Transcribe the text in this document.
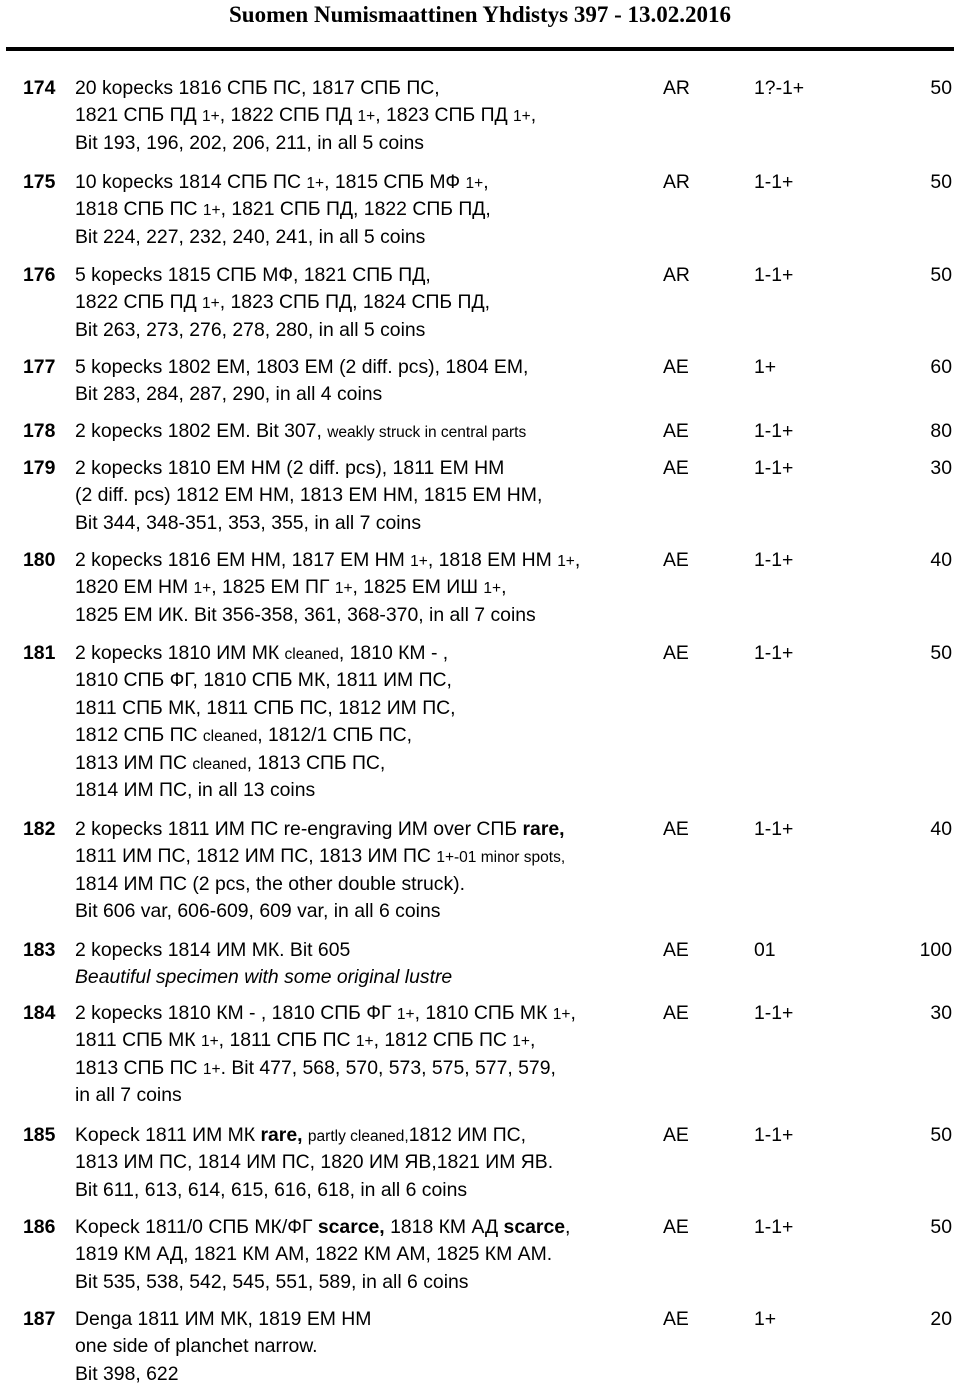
Suomen Numismaattinen Yhdistys 397 - 13.02.2016
174 20 kopecks 1816 СПБ ПС, 1817 СПБ ПС,
1821 СПБ ПД 1+, 1822 СПБ ПД 1+, 1823 СПБ ПД 1+,
Bit 193, 196, 202, 206, 211, in all 5 coins
AR	1?-1+	50
175 10 kopecks 1814 СПБ ПС 1+, 1815 СПБ МФ 1+,
1818 СПБ ПС 1+, 1821 СПБ ПД, 1822 СПБ ПД,
Bit 224, 227, 232, 240, 241, in all 5 coins
AR	1-1+	50
176 5 kopecks 1815 СПБ МФ, 1821 СПБ ПД,
1822 СПБ ПД 1+, 1823 СПБ ПД, 1824 СПБ ПД,
Bit 263, 273, 276, 278, 280, in all 5 coins
AR	1-1+	50
177 5 kopecks 1802 ЕМ, 1803 ЕМ (2 diff. pcs), 1804 ЕМ,
Bit 283, 284, 287, 290, in all 4 coins
AE	1+	60
178 2 kopecks 1802 ЕМ. Bit 307, weakly struck in central parts	AE	1-1+	80
179 2 kopecks 1810 ЕМ НМ (2 diff. pcs), 1811 ЕМ НМ
(2 diff. pcs) 1812 ЕМ НМ, 1813 ЕМ НМ, 1815 ЕМ НМ,
Bit 344, 348-351, 353, 355, in all 7 coins
AE	1-1+	30
180 2 kopecks 1816 ЕМ НМ, 1817 ЕМ НМ 1+, 1818 ЕМ НМ 1+,
1820 ЕМ НМ 1+, 1825 ЕМ ПГ 1+, 1825 ЕМ ИШ 1+,
1825 ЕМ ИК. Bit 356-358, 361, 368-370, in all 7 coins
AE	1-1+	40
181 2 kopecks 1810 ИМ МК cleaned, 1810 КМ - ,
1810 СПБ ФГ, 1810 СПБ МК, 1811 ИМ ПС,
1811 СПБ МК, 1811 СПБ ПС, 1812 ИМ ПС,
1812 СПБ ПС cleaned, 1812/1 СПБ ПС,
1813 ИМ ПС cleaned, 1813 СПБ ПС,
1814 ИМ ПС, in all 13 coins
AE	1-1+	50
182 2 kopecks 1811 ИМ ПС re-engraving ИМ over СПБ rare,
1811 ИМ ПС, 1812 ИМ ПС, 1813 ИМ ПС 1+-01 minor spots,
1814 ИМ ПС (2 pcs, the other double struck).
Bit 606 var, 606-609, 609 var, in all 6 coins
AE	1-1+	40
183 2 kopecks 1814 ИМ МК. Bit 605
Beautiful specimen with some original lustre
AE	01	100
184 2 kopecks 1810 КМ - , 1810 СПБ ФГ 1+, 1810 СПБ МК 1+,
1811 СПБ МК 1+, 1811 СПБ ПС 1+, 1812 СПБ ПС 1+,
1813 СПБ ПС 1+. Bit 477, 568, 570, 573, 575, 577, 579,
in all 7 coins
AE	1-1+	30
185 Kopeck 1811 ИМ МК rare, partly cleaned,1812 ИМ ПС,
1813 ИМ ПС, 1814 ИМ ПС, 1820 ИМ ЯВ,1821 ИМ ЯВ.
Bit 611, 613, 614, 615, 616, 618, in all 6 coins
AE	1-1+	50
186 Kopeck 1811/0 СПБ МК/ФГ scarce, 1818 КМ АД scarce,
1819 КМ АД, 1821 КМ АМ, 1822 КМ АМ, 1825 КМ АМ.
Bit 535, 538, 542, 545, 551, 589, in all 6 coins
AE	1-1+	50
187 Denga 1811 ИМ МК, 1819 ЕМ НМ
one side of planchet narrow.
Bit 398, 622
AE	1+	20
